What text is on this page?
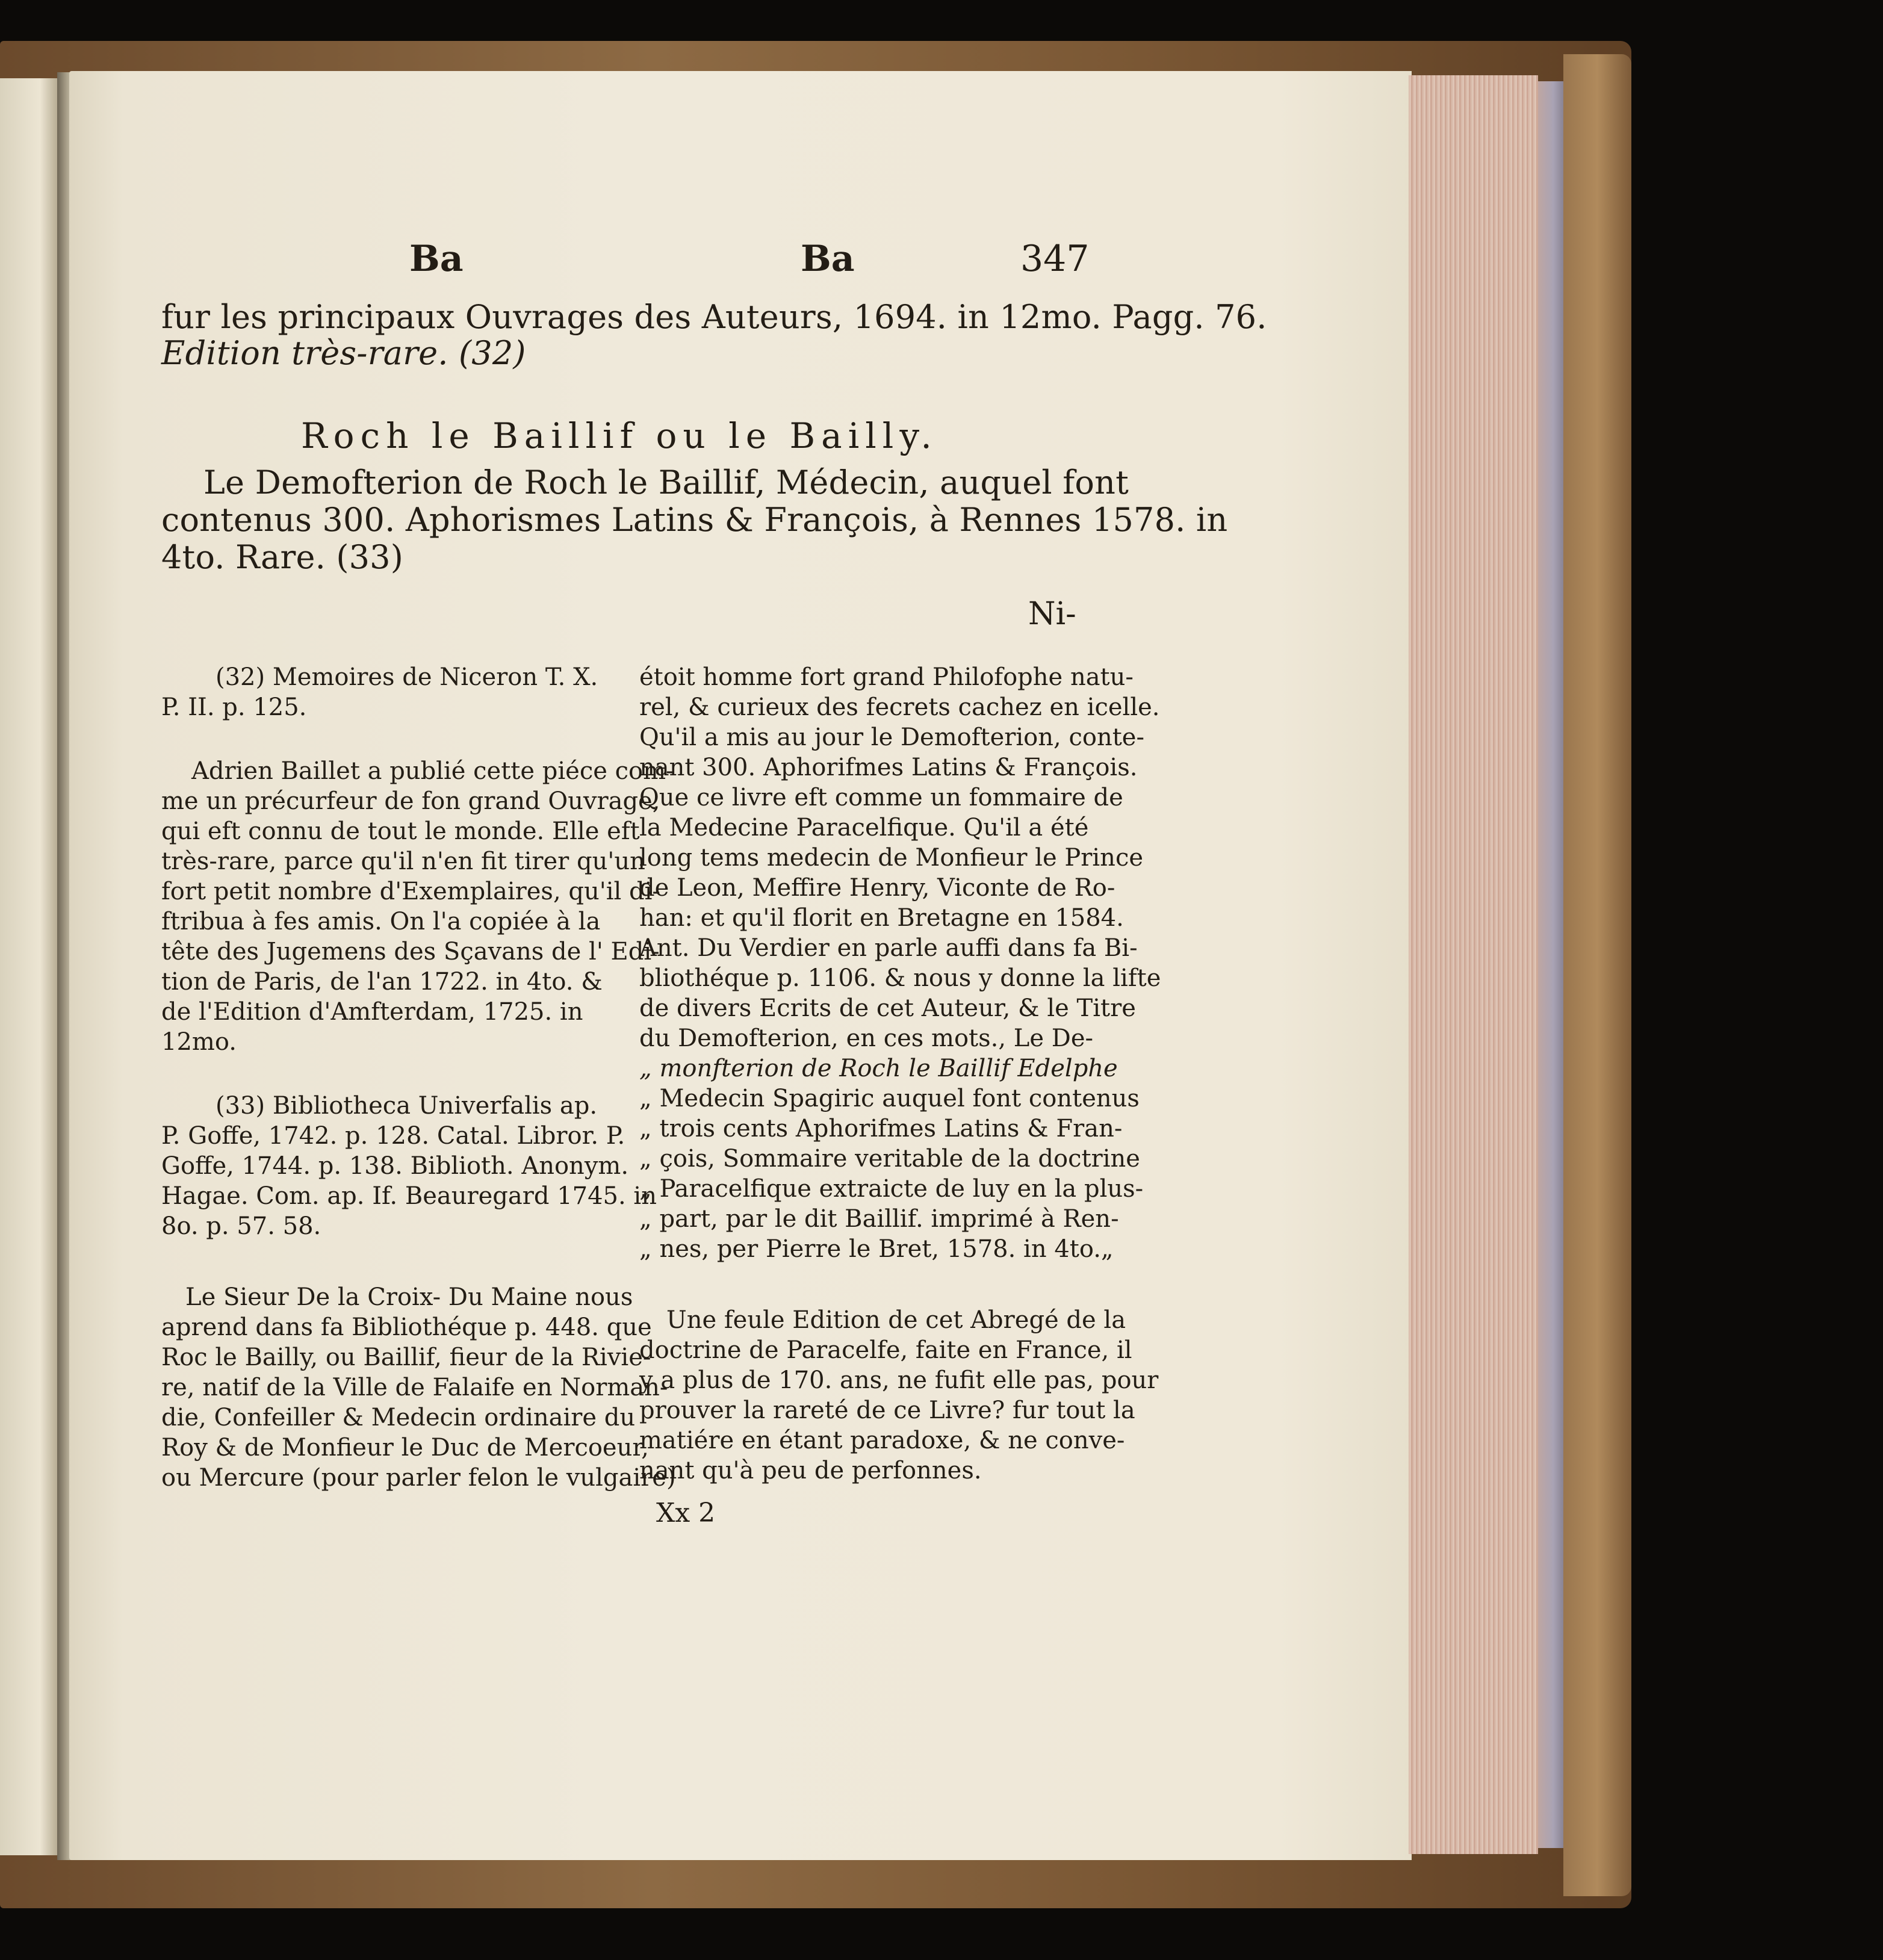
Ba	Ba	347
fur les principaux Ouvrages des Auteurs, 1694. in 12mo. Pagg. 76.
Edition très-rare. (32)
Roch le Baillif ou le Bailly.
Le Demofterion de Roch le Baillif, Médecin, auquel font
contenus 300. Aphorismes Latins & François, à Rennes 1578. in
4to. Rare. (33)
Ni-
(32) Memoires de Niceron T. X.
P. II. p. 125.
Adrien Baillet a publié cette piéce com-
me un précurfeur de fon grand Ouvrage,
qui eft connu de tout le monde. Elle eft
très-rare, parce qu'il n'en fit tirer qu'un
fort petit nombre d'Exemplaires, qu'il di-
ftribua à fes amis. On l'a copiée à la
tête des Jugemens des Sçavans de l' Edi-
tion de Paris, de l'an 1722. in 4to. &
de l'Edition d'Amfterdam, 1725. in
12mo.
(33) Bibliotheca Univerfalis ap.
P. Goffe, 1742. p. 128. Catal. Libror. P.
Goffe, 1744. p. 138. Biblioth. Anonym.
Hagae. Com. ap. If. Beauregard 1745. in
8o. p. 57. 58.
Le Sieur De la Croix- Du Maine nous
aprend dans fa Bibliothéque p. 448. que
Roc le Bailly, ou Baillif, fieur de la Rivie-
re, natif de la Ville de Falaife en Norman-
die, Confeiller & Medecin ordinaire du
Roy & de Monfieur le Duc de Mercoeur,
ou Mercure (pour parler felon le vulgaire)
étoit homme fort grand Philofophe natu-
rel, & curieux des fecrets cachez en icelle.
Qu'il a mis au jour le Demofterion, conte-
nant 300. Aphorifmes Latins & François.
Que ce livre eft comme un fommaire de
la Medecine Paracelfique. Qu'il a été
long tems medecin de Monfieur le Prince
de Leon, Meffire Henry, Viconte de Ro-
han: et qu'il florit en Bretagne en 1584.
Ant. Du Verdier en parle auffi dans fa Bi-
bliothéque p. 1106. & nous y donne la lifte
de divers Ecrits de cet Auteur, & le Titre
du Demofterion, en ces mots., Le De-
„ monfterion de Roch le Baillif Edelphe
„ Medecin Spagiric auquel font contenus
„ trois cents Aphorifmes Latins & Fran-
„ çois, Sommaire veritable de la doctrine
„ Paracelfique extraicte de luy en la plus-
„ part, par le dit Baillif. imprimé à Ren-
„ nes, per Pierre le Bret, 1578. in 4to.„
Une feule Edition de cet Abregé de la
doctrine de Paracelfe, faite en France, il
y a plus de 170. ans, ne fufit elle pas, pour
prouver la rareté de ce Livre? fur tout la
matiére en étant paradoxe, & ne conve-
nant qu'à peu de perfonnes.
Xx 2
